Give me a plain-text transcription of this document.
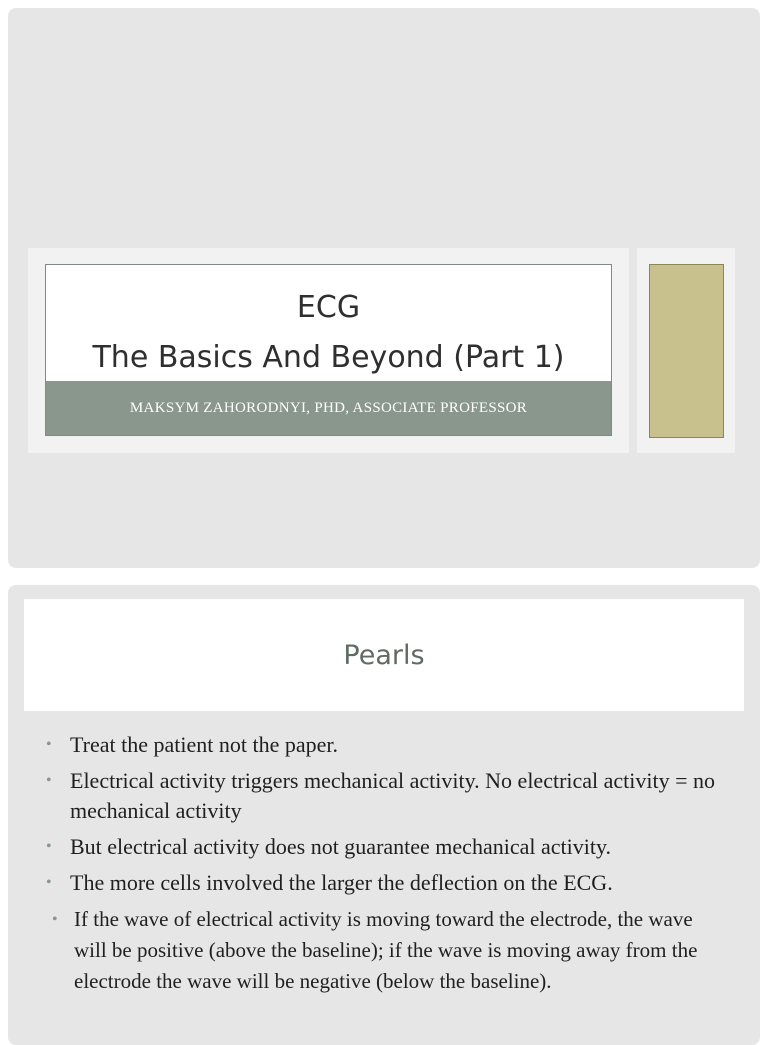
ECG
The Basics And Beyond (Part 1)
MAKSYM ZAHORODNYI, PHD, ASSOCIATE PROFESSOR
Pearls
• Treat the patient not the paper.
• Electrical activity triggers mechanical activity. No electrical activity = no mechanical activity
• But electrical activity does not guarantee mechanical activity.
• The more cells involved the larger the deflection on the ECG.
• If the wave of electrical activity is moving toward the electrode, the wave will be positive (above the baseline); if the wave is moving away from the electrode the wave will be negative (below the baseline).
